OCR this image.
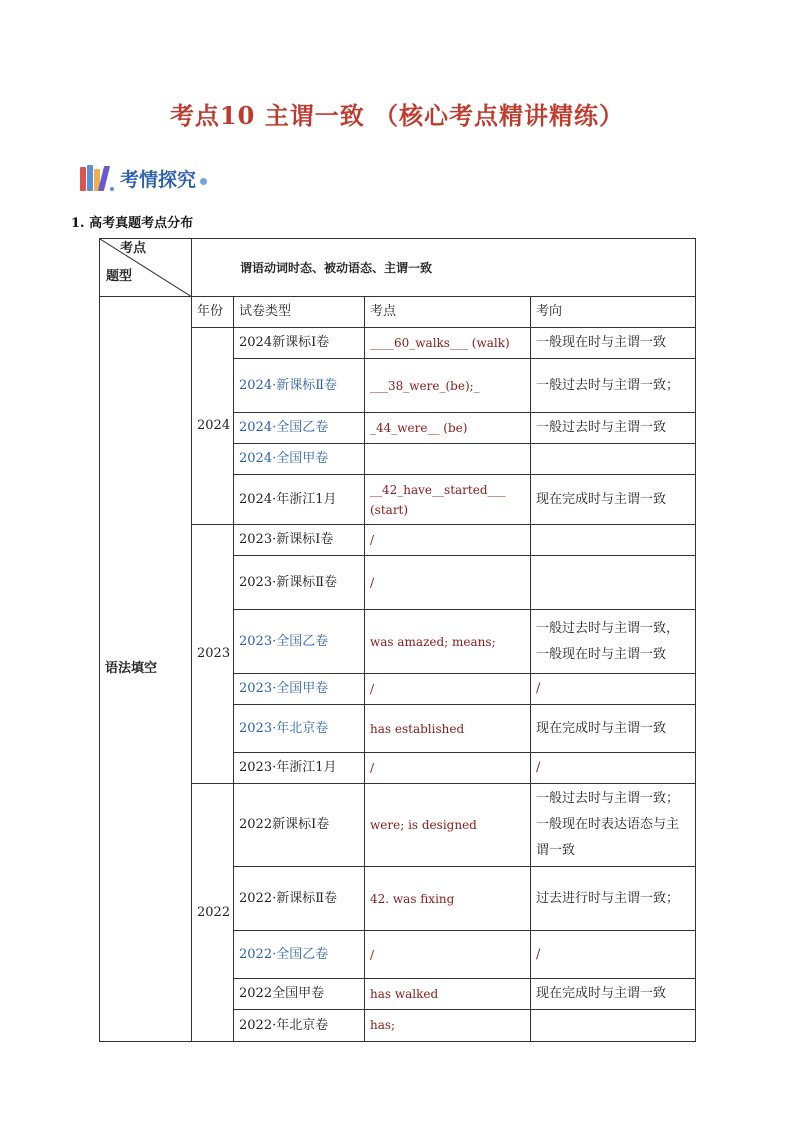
考点10 主谓一致 （核心考点精讲精练）
考情探究
1. 高考真题考点分布
考点
题型	谓语动词时态、被动语态、主谓一致			
语法填空	年份	试卷类型	考点	考向
	2024	2024新课标Ⅰ卷	____60_walks___ (walk)	一般现在时与主谓一致
		2024·新课标Ⅱ卷	___38_were_(be);_	一般过去时与主谓一致；
		2024·全国乙卷	_44_were__ (be)	一般过去时与主谓一致
		2024·全国甲卷		
		2024·年浙江1月	__42_have__started___ (start)	现在完成时与主谓一致
	2023	2023·新课标Ⅰ卷	/	
		2023·新课标Ⅱ卷	/	
		2023·全国乙卷	was amazed; means;	一般过去时与主谓一致，一般现在时与主谓一致
		2023·全国甲卷	/	/
		2023·年北京卷	has established	现在完成时与主谓一致
		2023·年浙江1月	/	/
	2022	2022新课标Ⅰ卷	were; is designed	一般过去时与主谓一致；一般现在时表达语态与主谓一致
		2022·新课标Ⅱ卷	42. was fixing	过去进行时与主谓一致；
		2022·全国乙卷	/	/
		2022全国甲卷	has walked	现在完成时与主谓一致
		2022·年北京卷	has;	
